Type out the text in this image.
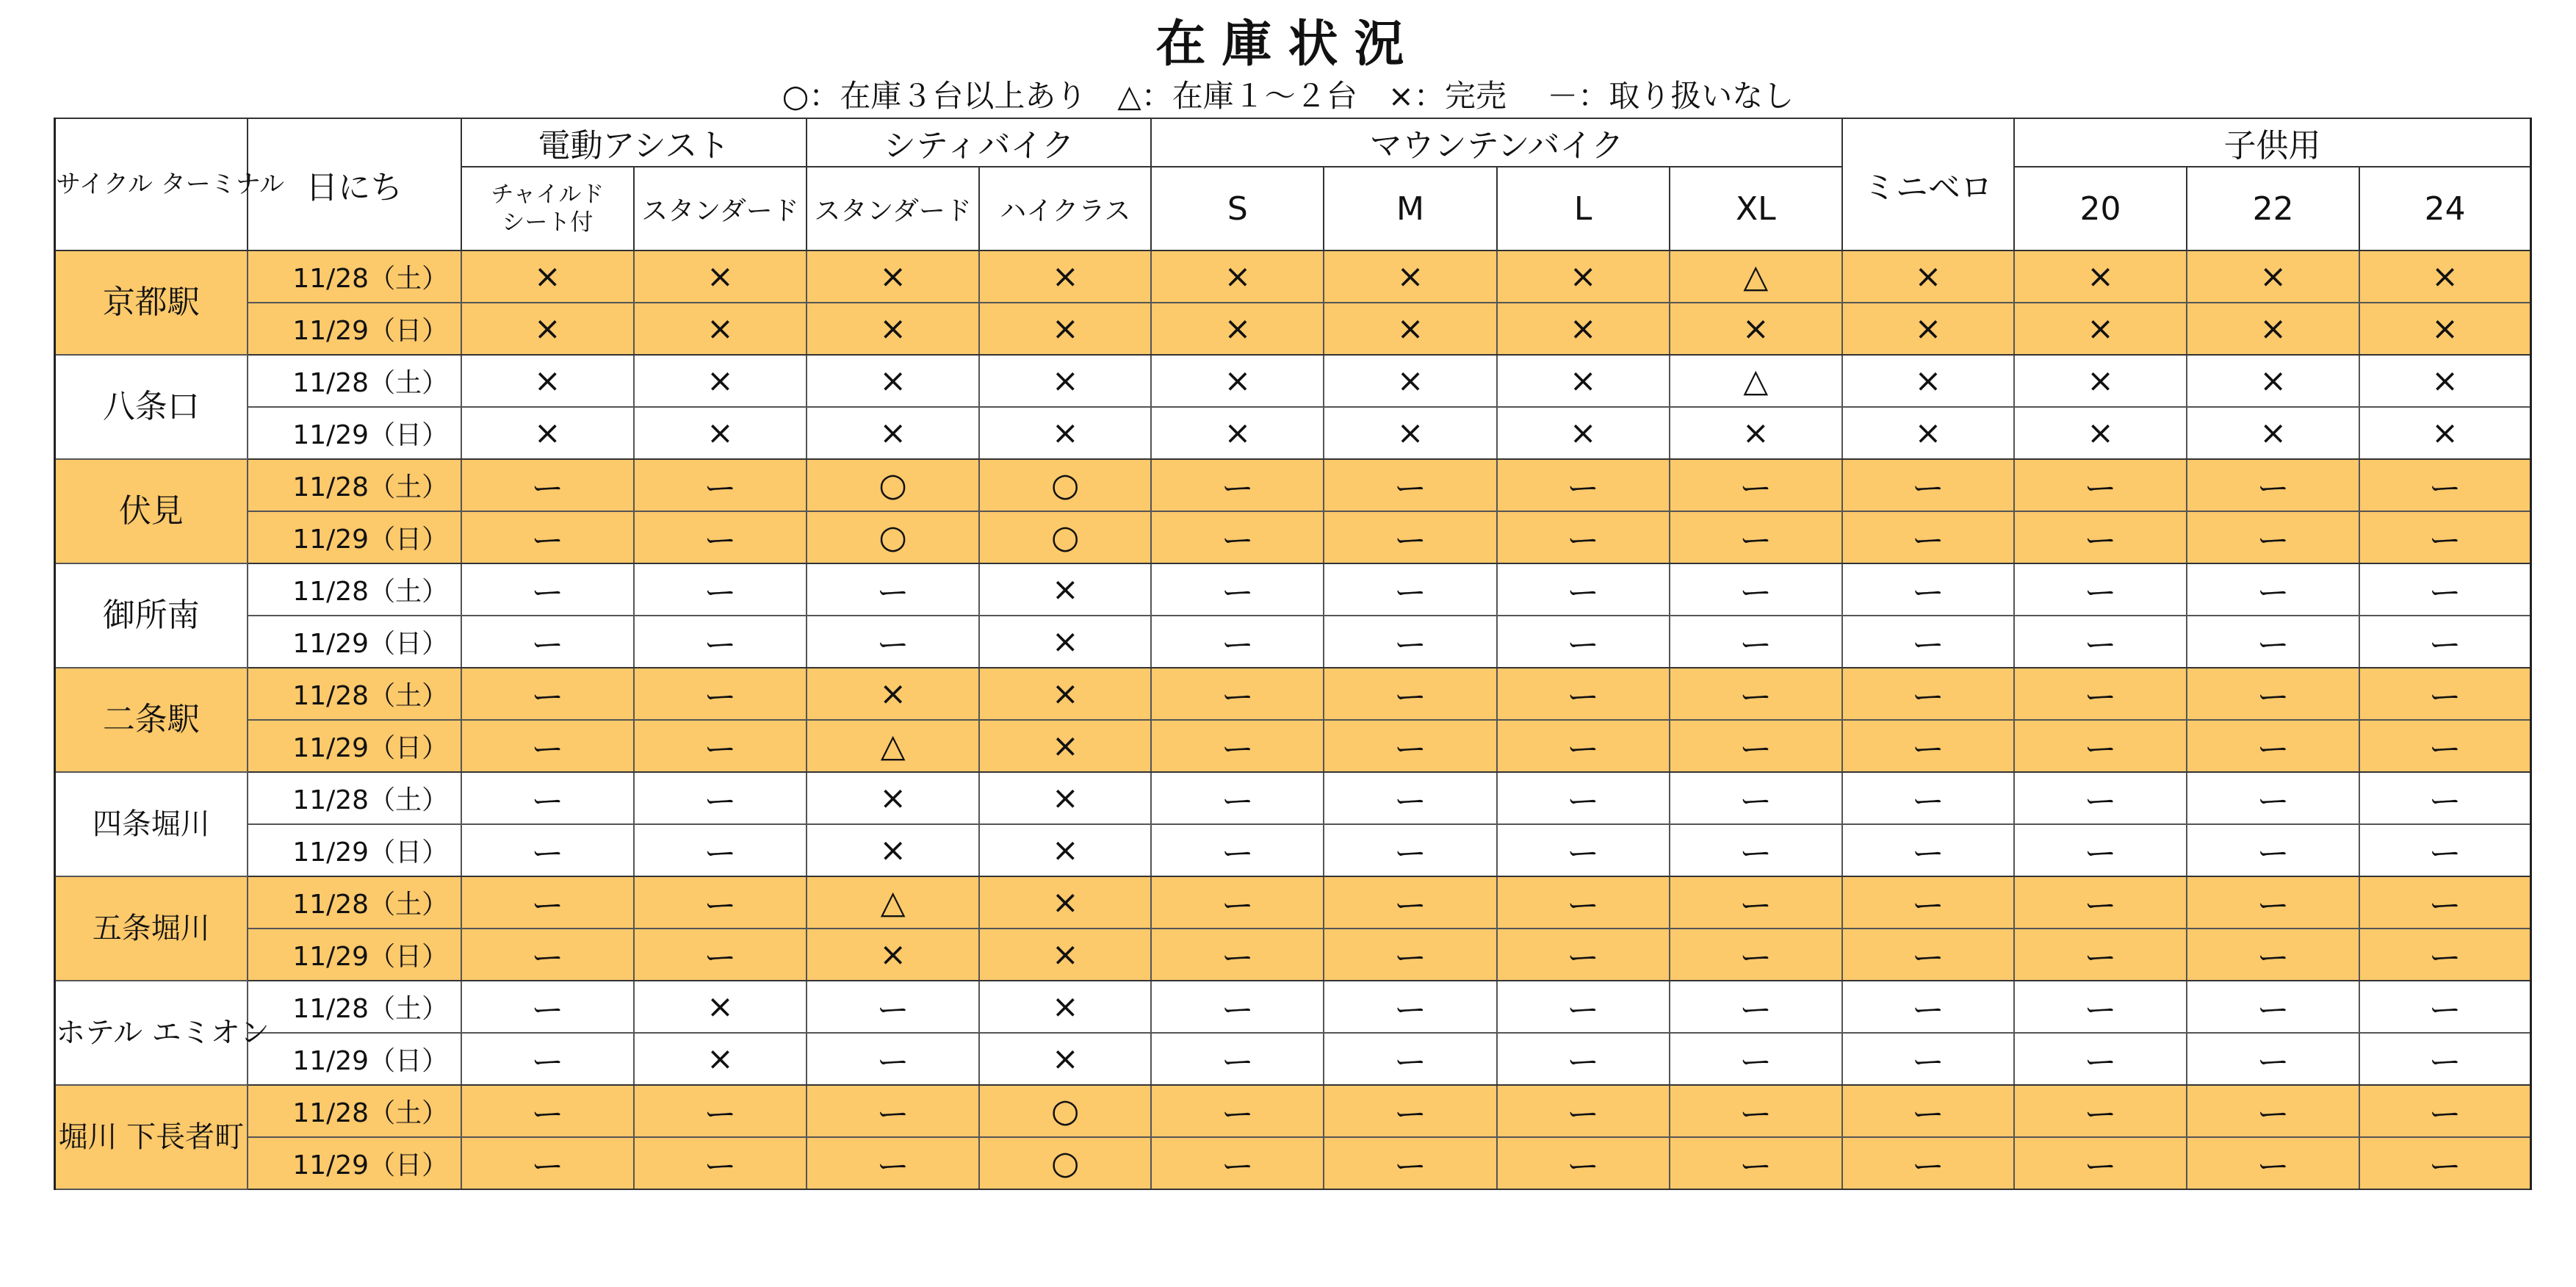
在庫状況
○：在庫３台以上あり　△：在庫１～２台　×：完売　 －：取り扱いなし
サイクル ターミナル	日にち	電動アシスト		シティバイク		マウンテンバイク				ミニベロ	子供用		
		チャイルド
シート付	スタンダード	スタンダード	ハイクラス	S	M	L	XL		20	22	24
京都駅	11/28（土）	×	×	×	×	×	×	×	△	×	×	×	×
	11/29（日）	×	×	×	×	×	×	×	×	×	×	×	×
八条口	11/28（土）	×	×	×	×	×	×	×	△	×	×	×	×
	11/29（日）	×	×	×	×	×	×	×	×	×	×	×	×
伏見	11/28（土）	ー	ー	○	○	ー	ー	ー	ー	ー	ー	ー	ー
	11/29（日）	ー	ー	○	○	ー	ー	ー	ー	ー	ー	ー	ー
御所南	11/28（土）	ー	ー	ー	×	ー	ー	ー	ー	ー	ー	ー	ー
	11/29（日）	ー	ー	ー	×	ー	ー	ー	ー	ー	ー	ー	ー
二条駅	11/28（土）	ー	ー	×	×	ー	ー	ー	ー	ー	ー	ー	ー
	11/29（日）	ー	ー	△	×	ー	ー	ー	ー	ー	ー	ー	ー
四条堀川	11/28（土）	ー	ー	×	×	ー	ー	ー	ー	ー	ー	ー	ー
	11/29（日）	ー	ー	×	×	ー	ー	ー	ー	ー	ー	ー	ー
五条堀川	11/28（土）	ー	ー	△	×	ー	ー	ー	ー	ー	ー	ー	ー
	11/29（日）	ー	ー	×	×	ー	ー	ー	ー	ー	ー	ー	ー
ホテル エミオン	11/28（土）	ー	×	ー	×	ー	ー	ー	ー	ー	ー	ー	ー
	11/29（日）	ー	×	ー	×	ー	ー	ー	ー	ー	ー	ー	ー
堀川 下長者町	11/28（土）	ー	ー	ー	○	ー	ー	ー	ー	ー	ー	ー	ー
	11/29（日）	ー	ー	ー	○	ー	ー	ー	ー	ー	ー	ー	ー
